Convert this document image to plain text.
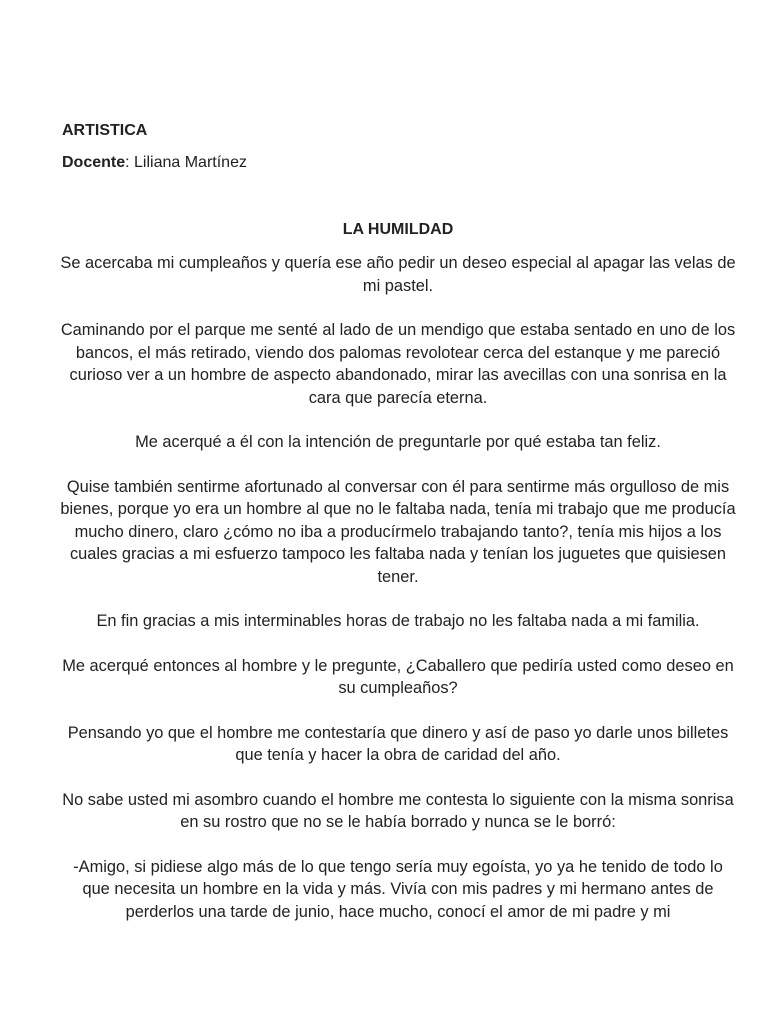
ARTISTICA

Docente: Liliana Martínez

LA HUMILDAD

Se acercaba mi cumpleaños y quería ese año pedir un deseo especial al apagar las velas de mi pastel.

Caminando por el parque me senté al lado de un mendigo que estaba sentado en uno de los bancos, el más retirado, viendo dos palomas revolotear cerca del estanque y me pareció curioso ver a un hombre de aspecto abandonado, mirar las avecillas con una sonrisa en la cara que parecía eterna.

Me acerqué a él con la intención de preguntarle por qué estaba tan feliz.

Quise también sentirme afortunado al conversar con él para sentirme más orgulloso de mis bienes, porque yo era un hombre al que no le faltaba nada, tenía mi trabajo que me producía mucho dinero, claro ¿cómo no iba a producírmelo trabajando tanto?, tenía mis hijos a los cuales gracias a mi esfuerzo tampoco les faltaba nada y tenían los juguetes que quisiesen tener.

En fin gracias a mis interminables horas de trabajo no les faltaba nada a mi familia.

Me acerqué entonces al hombre y le pregunte, ¿Caballero que pediría usted como deseo en su cumpleaños?

Pensando yo que el hombre me contestaría que dinero y así de paso yo darle unos billetes que tenía y hacer la obra de caridad del año.

No sabe usted mi asombro cuando el hombre me contesta lo siguiente con la misma sonrisa en su rostro que no se le había borrado y nunca se le borró:

-Amigo, si pidiese algo más de lo que tengo sería muy egoísta, yo ya he tenido de todo lo que necesita un hombre en la vida y más. Vivía con mis padres y mi hermano antes de perderlos una tarde de junio, hace mucho, conocí el amor de mi padre y mi
